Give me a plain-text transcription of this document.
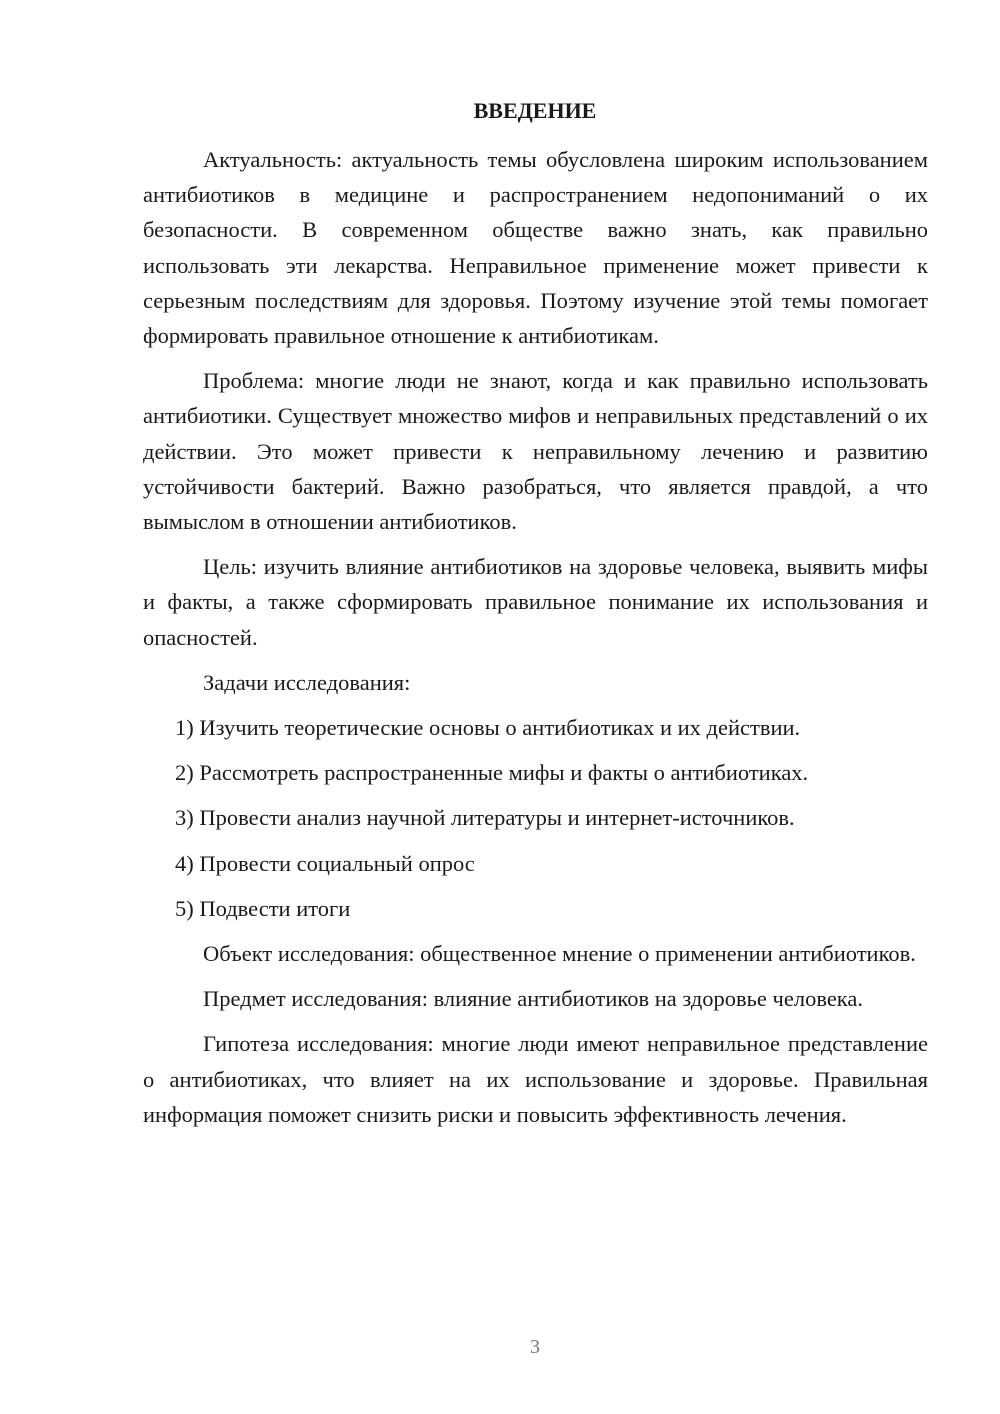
ВВЕДЕНИЕ

Актуальность: актуальность темы обусловлена широким использованием антибиотиков в медицине и распространением недопониманий о их безопасности. В современном обществе важно знать, как правильно использовать эти лекарства. Неправильное применение может привести к серьезным последствиям для здоровья. Поэтому изучение этой темы помогает формировать правильное отношение к антибиотикам.

Проблема: многие люди не знают, когда и как правильно использовать антибиотики. Существует множество мифов и неправильных представлений о их действии. Это может привести к неправильному лечению и развитию устойчивости бактерий. Важно разобраться, что является правдой, а что вымыслом в отношении антибиотиков.

Цель: изучить влияние антибиотиков на здоровье человека, выявить мифы и факты, а также сформировать правильное понимание их использования и опасностей.

Задачи исследования:

1) Изучить теоретические основы о антибиотиках и их действии.

2) Рассмотреть распространенные мифы и факты о антибиотиках.

3) Провести анализ научной литературы и интернет-источников.

4) Провести социальный опрос

5) Подвести итоги

Объект исследования: общественное мнение о применении антибиотиков.

Предмет исследования: влияние антибиотиков на здоровье человека.

Гипотеза исследования: многие люди имеют неправильное представление о антибиотиках, что влияет на их использование и здоровье. Правильная информация поможет снизить риски и повысить эффективность лечения.

3
